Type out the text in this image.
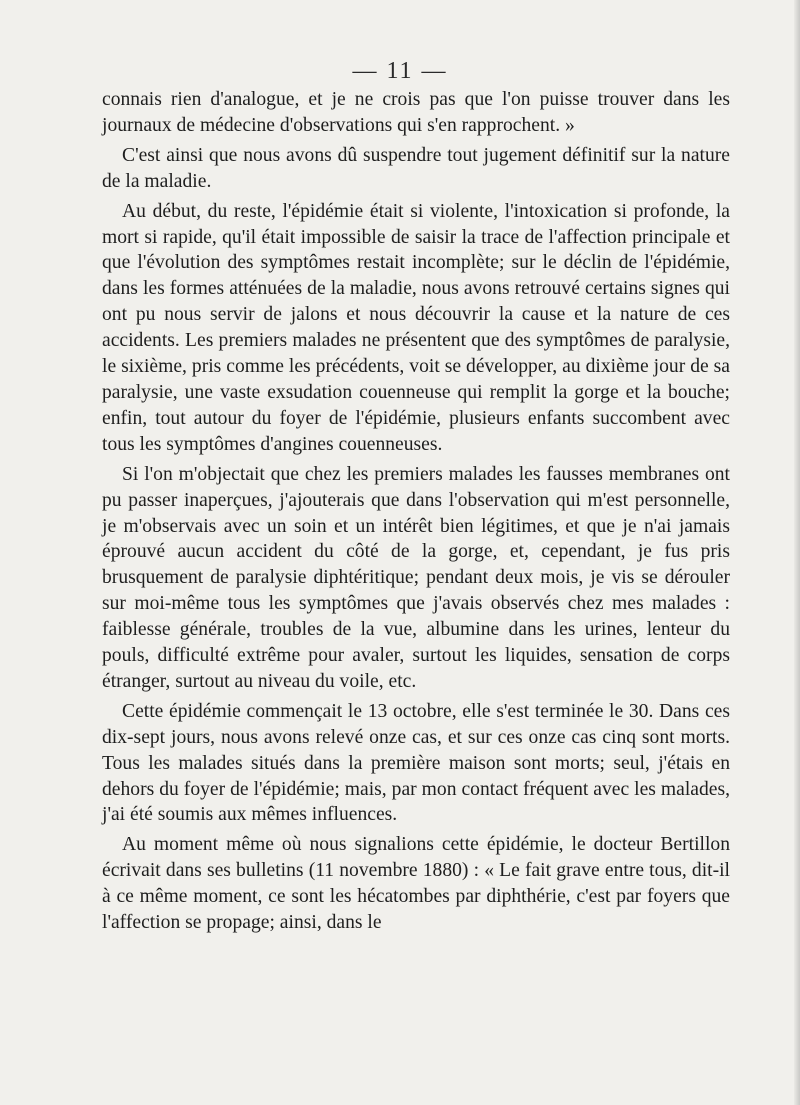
— 11 —

connais rien d'analogue, et je ne crois pas que l'on puisse trouver dans les journaux de médecine d'observations qui s'en rapprochent. »

C'est ainsi que nous avons dû suspendre tout jugement définitif sur la nature de la maladie.

Au début, du reste, l'épidémie était si violente, l'intoxication si profonde, la mort si rapide, qu'il était impossible de saisir la trace de l'affection principale et que l'évolution des symptômes restait incomplète; sur le déclin de l'épidémie, dans les formes atténuées de la maladie, nous avons retrouvé certains signes qui ont pu nous servir de jalons et nous découvrir la cause et la nature de ces accidents. Les premiers malades ne présentent que des symptômes de paralysie, le sixième, pris comme les précédents, voit se développer, au dixième jour de sa paralysie, une vaste exsudation couenneuse qui remplit la gorge et la bouche; enfin, tout autour du foyer de l'épidémie, plusieurs enfants succombent avec tous les symptômes d'angines couenneuses.

Si l'on m'objectait que chez les premiers malades les fausses membranes ont pu passer inaperçues, j'ajouterais que dans l'observation qui m'est personnelle, je m'observais avec un soin et un intérêt bien légitimes, et que je n'ai jamais éprouvé aucun accident du côté de la gorge, et, cependant, je fus pris brusquement de paralysie diphtéritique; pendant deux mois, je vis se dérouler sur moi-même tous les symptômes que j'avais observés chez mes malades : faiblesse générale, troubles de la vue, albumine dans les urines, lenteur du pouls, difficulté extrême pour avaler, surtout les liquides, sensation de corps étranger, surtout au niveau du voile, etc.

Cette épidémie commençait le 13 octobre, elle s'est terminée le 30. Dans ces dix-sept jours, nous avons relevé onze cas, et sur ces onze cas cinq sont morts. Tous les malades situés dans la première maison sont morts; seul, j'étais en dehors du foyer de l'épidémie; mais, par mon contact fréquent avec les malades, j'ai été soumis aux mêmes influences.

Au moment même où nous signalions cette épidémie, le docteur Bertillon écrivait dans ses bulletins (11 novembre 1880) : « Le fait grave entre tous, dit-il à ce même moment, ce sont les hécatombes par diphthérie, c'est par foyers que l'affection se propage; ainsi, dans le
